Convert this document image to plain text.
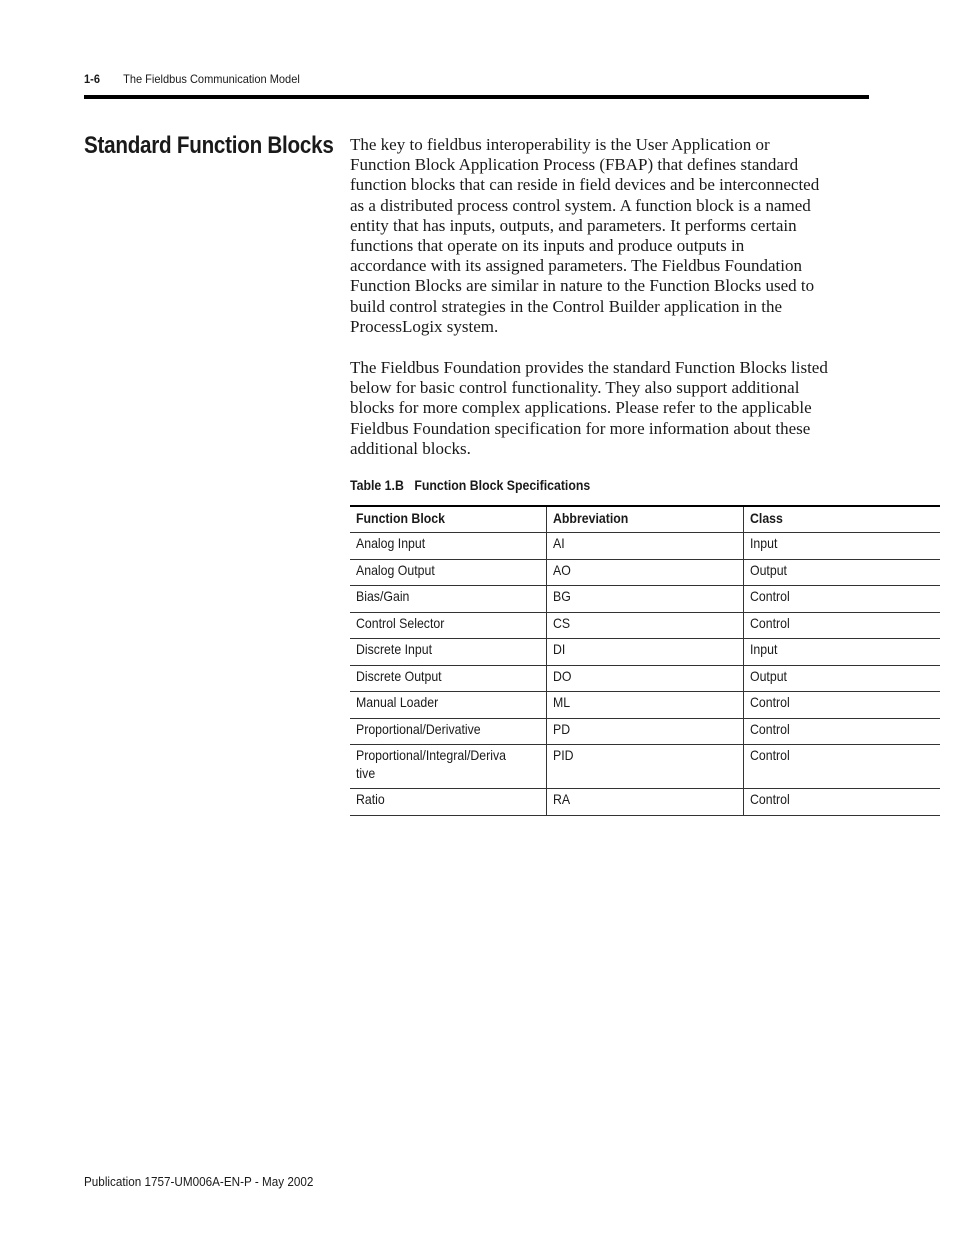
1-6 The Fieldbus Communication Model
Standard Function Blocks The key to fieldbus interoperability is the User Application or
Function Block Application Process (FBAP) that defines standard
function blocks that can reside in field devices and be interconnected
as a distributed process control system. A function block is a named
entity that has inputs, outputs, and parameters. It performs certain
functions that operate on its inputs and produce outputs in
accordance with its assigned parameters. The Fieldbus Foundation
Function Blocks are similar in nature to the Function Blocks used to
build control strategies in the Control Builder application in the
ProcessLogix system.

The Fieldbus Foundation provides the standard Function Blocks listed
below for basic control functionality. They also support additional
blocks for more complex applications. Please refer to the applicable
Fieldbus Foundation specification for more information about these
additional blocks.

Table 1.B Function Block Specifications
Function Block	Abbreviation	Class
Analog Input	AI	Input
Analog Output	AO	Output
Bias/Gain	BG	Control
Control Selector	CS	Control
Discrete Input	DI	Input
Discrete Output	DO	Output
Manual Loader	ML	Control
Proportional/Derivative	PD	Control
Proportional/Integral/Deriva
tive	PID	Control
Ratio	RA	Control
Publication 1757-UM006A-EN-P - May 2002
